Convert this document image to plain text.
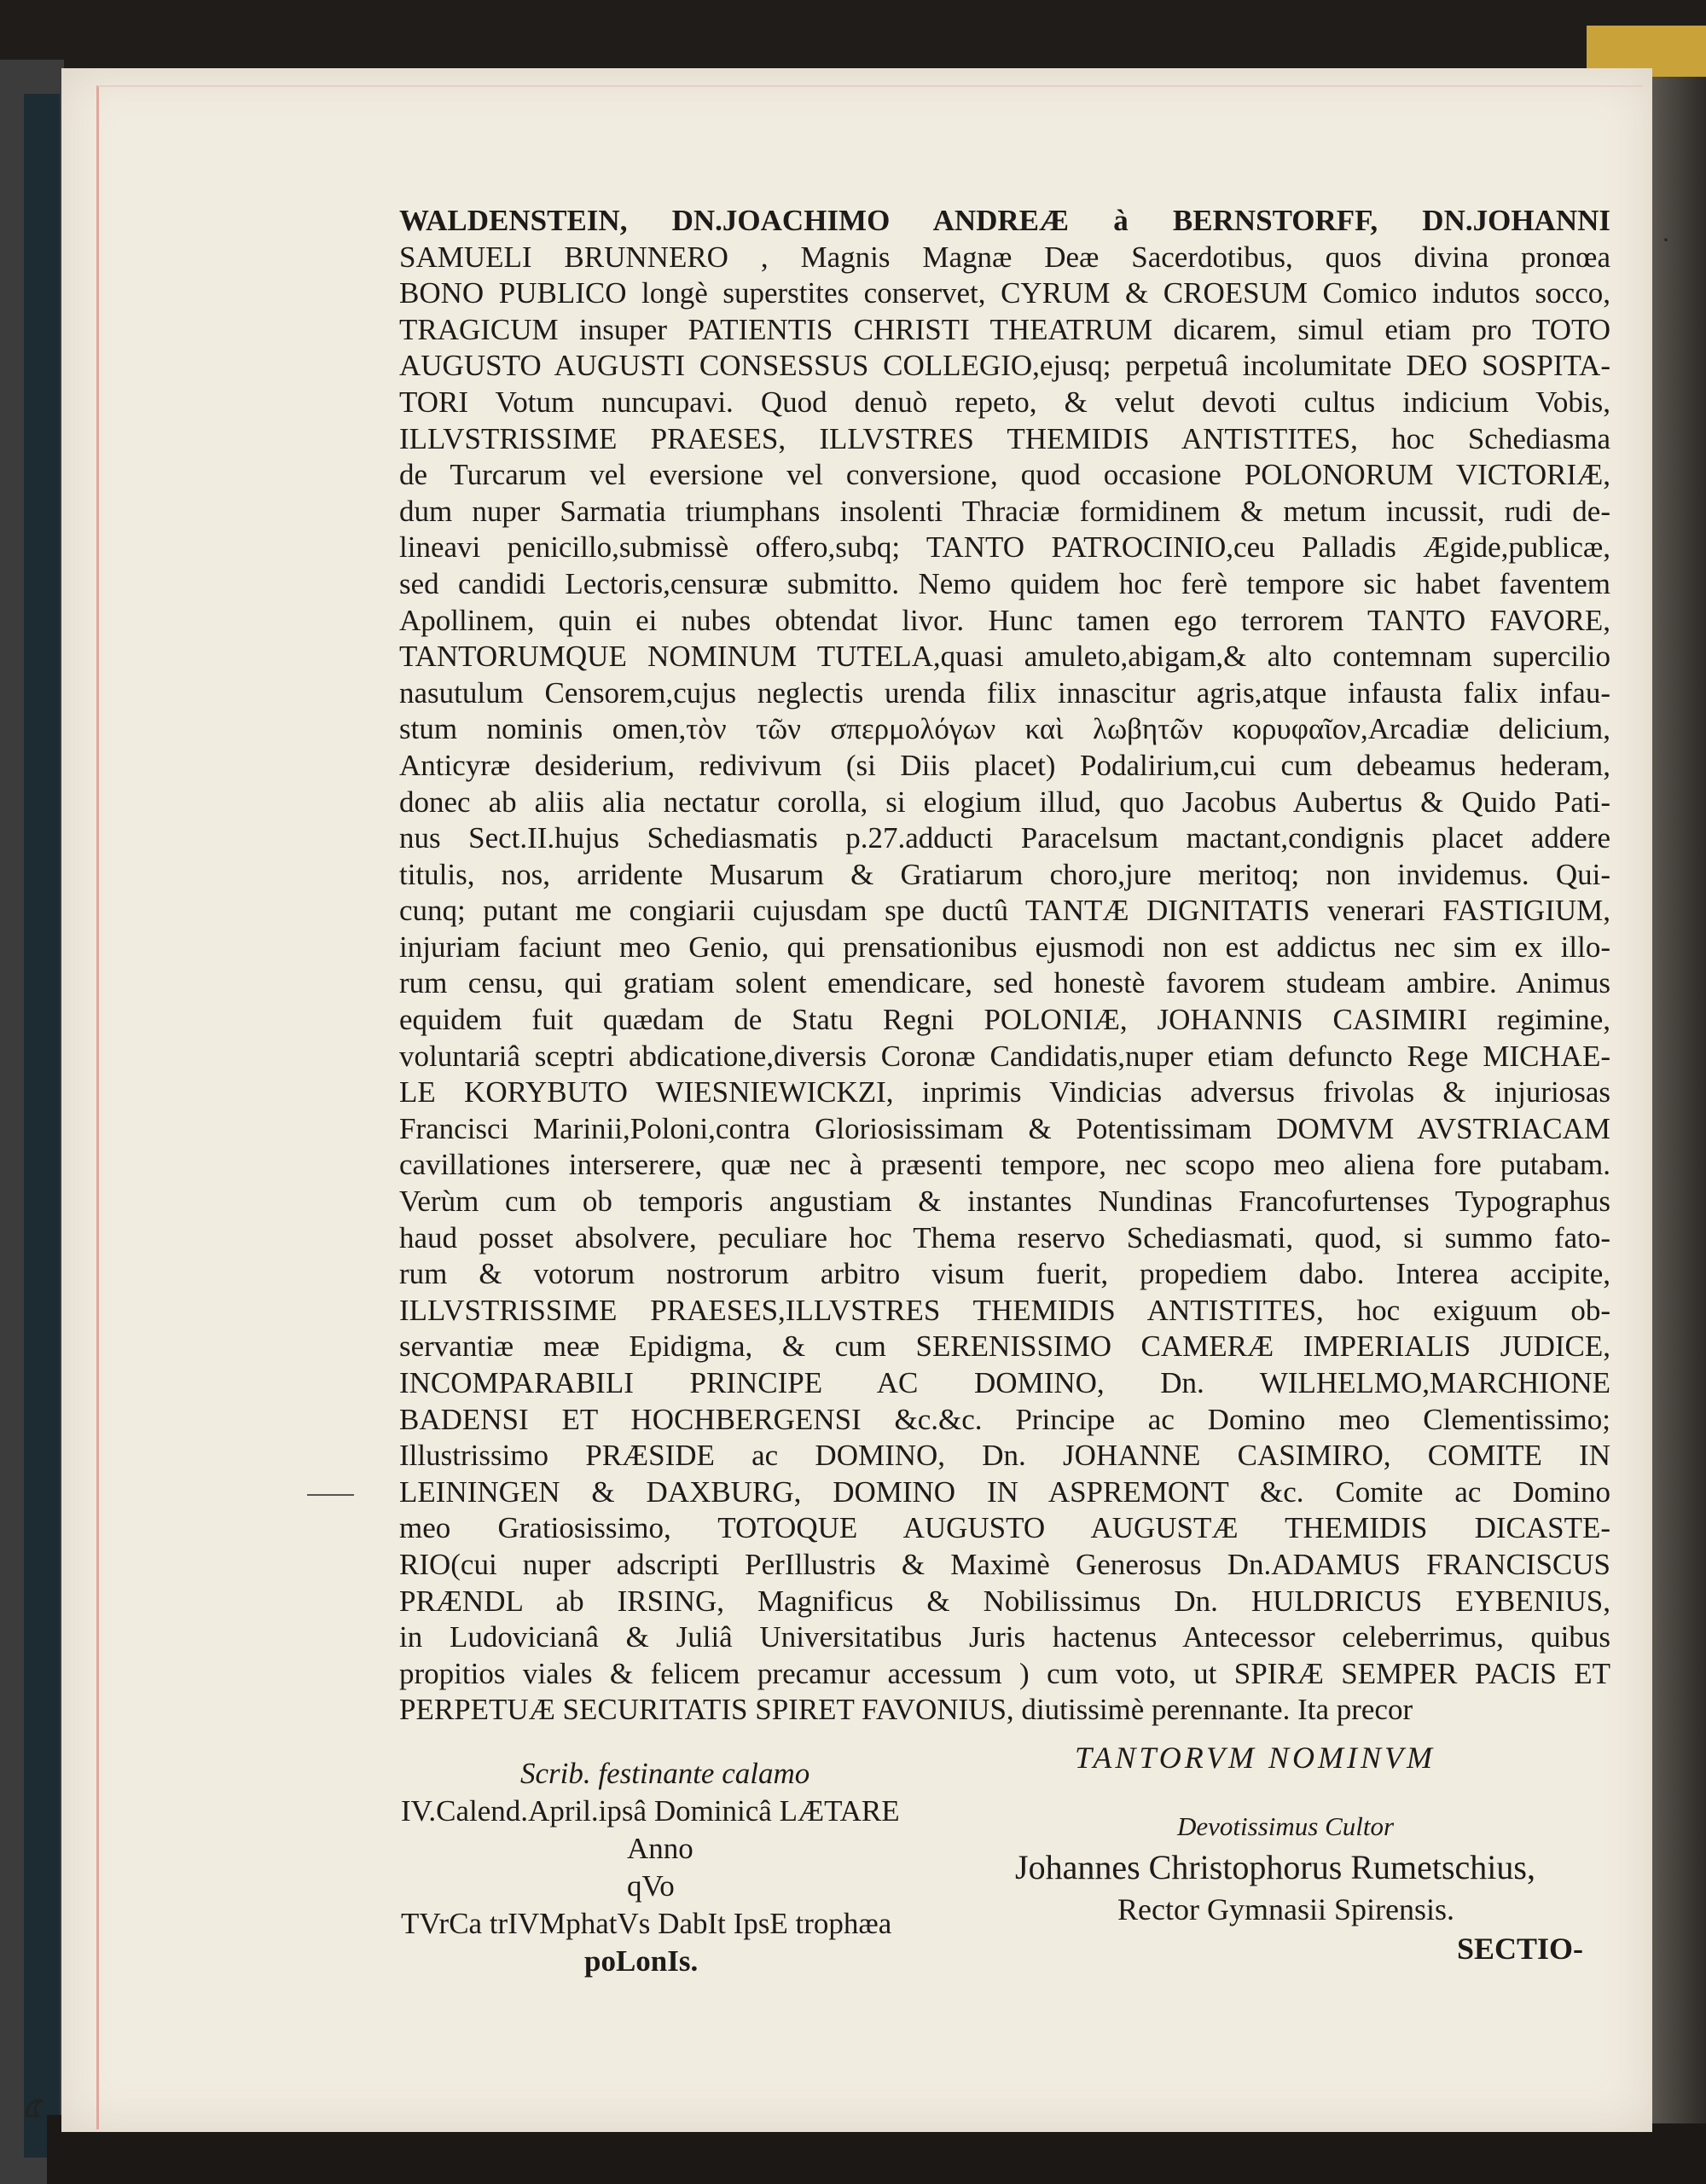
·
WALDENSTEIN, DN.JOACHIMO ANDREÆ à BERNSTORFF, DN.JOHANNI
SAMUELI BRUNNERO , Magnis Magnæ Deæ Sacerdotibus, quos divina pronœa
BONO PUBLICO longè superstites conservet, CYRUM & CROESUM Comico indutos socco,
TRAGICUM insuper PATIENTIS CHRISTI THEATRUM dicarem, simul etiam pro TOTO
AUGUSTO AUGUSTI CONSESSUS COLLEGIO,ejusq; perpetuâ incolumitate DEO SOSPITA-
TORI Votum nuncupavi. Quod denuò repeto, & velut devoti cultus indicium Vobis,
ILLVSTRISSIME PRAESES, ILLVSTRES THEMIDIS ANTISTITES, hoc Schediasma
de Turcarum vel eversione vel conversione, quod occasione POLONORUM VICTORIÆ,
dum nuper Sarmatia triumphans insolenti Thraciæ formidinem & metum incussit, rudi de-
lineavi penicillo,submissè offero,subq; TANTO PATROCINIO,ceu Palladis Ægide,publicæ,
sed candidi Lectoris,censuræ submitto. Nemo quidem hoc ferè tempore sic habet faventem
Apollinem, quin ei nubes obtendat livor. Hunc tamen ego terrorem TANTO FAVORE,
TANTORUMQUE NOMINUM TUTELA,quasi amuleto,abigam,& alto contemnam supercilio
nasutulum Censorem,cujus neglectis urenda filix innascitur agris,atque infausta falix infau-
stum nominis omen,τὸν τῶν σπερμολόγων καὶ λωβητῶν κορυφαῖον,Arcadiæ delicium,
Anticyræ desiderium, redivivum (si Diis placet) Podalirium,cui cum debeamus hederam,
donec ab aliis alia nectatur corolla, si elogium illud, quo Jacobus Aubertus & Quido Pati-
nus Sect.II.hujus Schediasmatis p.27.adducti Paracelsum mactant,condignis placet addere
titulis, nos, arridente Musarum & Gratiarum choro,jure meritoq; non invidemus. Qui-
cunq; putant me congiarii cujusdam spe ductû TANTÆ DIGNITATIS venerari FASTIGIUM,
injuriam faciunt meo Genio, qui prensationibus ejusmodi non est addictus nec sim ex illo-
rum censu, qui gratiam solent emendicare, sed honestè favorem studeam ambire. Animus
equidem fuit quædam de Statu Regni POLONIÆ, JOHANNIS CASIMIRI regimine,
voluntariâ sceptri abdicatione,diversis Coronæ Candidatis,nuper etiam defuncto Rege MICHAE-
LE KORYBUTO WIESNIEWICKZI, inprimis Vindicias adversus frivolas & injuriosas
Francisci Marinii,Poloni,contra Gloriosissimam & Potentissimam DOMVM AVSTRIACAM
cavillationes interserere, quæ nec à præsenti tempore, nec scopo meo aliena fore putabam.
Verùm cum ob temporis angustiam & instantes Nundinas Francofurtenses Typographus
haud posset absolvere, peculiare hoc Thema reservo Schediasmati, quod, si summo fato-
rum & votorum nostrorum arbitro visum fuerit, propediem dabo. Interea accipite,
ILLVSTRISSIME PRAESES,ILLVSTRES THEMIDIS ANTISTITES, hoc exiguum ob-
servantiæ meæ Epidigma, & cum SERENISSIMO CAMERÆ IMPERIALIS JUDICE,
INCOMPARABILI PRINCIPE AC DOMINO, Dn. WILHELMO,MARCHIONE
BADENSI ET HOCHBERGENSI &c.&c. Principe ac Domino meo Clementissimo;
Illustrissimo PRÆSIDE ac DOMINO, Dn. JOHANNE CASIMIRO, COMITE IN
LEININGEN & DAXBURG, DOMINO IN ASPREMONT &c. Comite ac Domino
meo Gratiosissimo, TOTOQUE AUGUSTO AUGUSTÆ THEMIDIS DICASTE-
RIO(cui nuper adscripti PerIllustris & Maximè Generosus Dn.ADAMUS FRANCISCUS
PRÆNDL ab IRSING, Magnificus & Nobilissimus Dn. HULDRICUS EYBENIUS,
in Ludovicianâ & Juliâ Universitatibus Juris hactenus Antecessor celeberrimus, quibus
propitios viales & felicem precamur accessum ) cum voto, ut SPIRÆ SEMPER PACIS ET
PERPETUÆ SECURITATIS SPIRET FAVONIUS, diutissimè perennante. Ita precor
Scrib. festinante calamo
IV.Calend.April.ipsâ Dominicâ LÆTARE
Anno
qVo
TVrCa trIVMphatVs DabIt IpsE trophæa
poLonIs.
TANTORVM NOMINVM
Devotissimus Cultor
Johannes Christophorus Rumetschius,
Rector Gymnasii Spirensis.
SECTIO-
